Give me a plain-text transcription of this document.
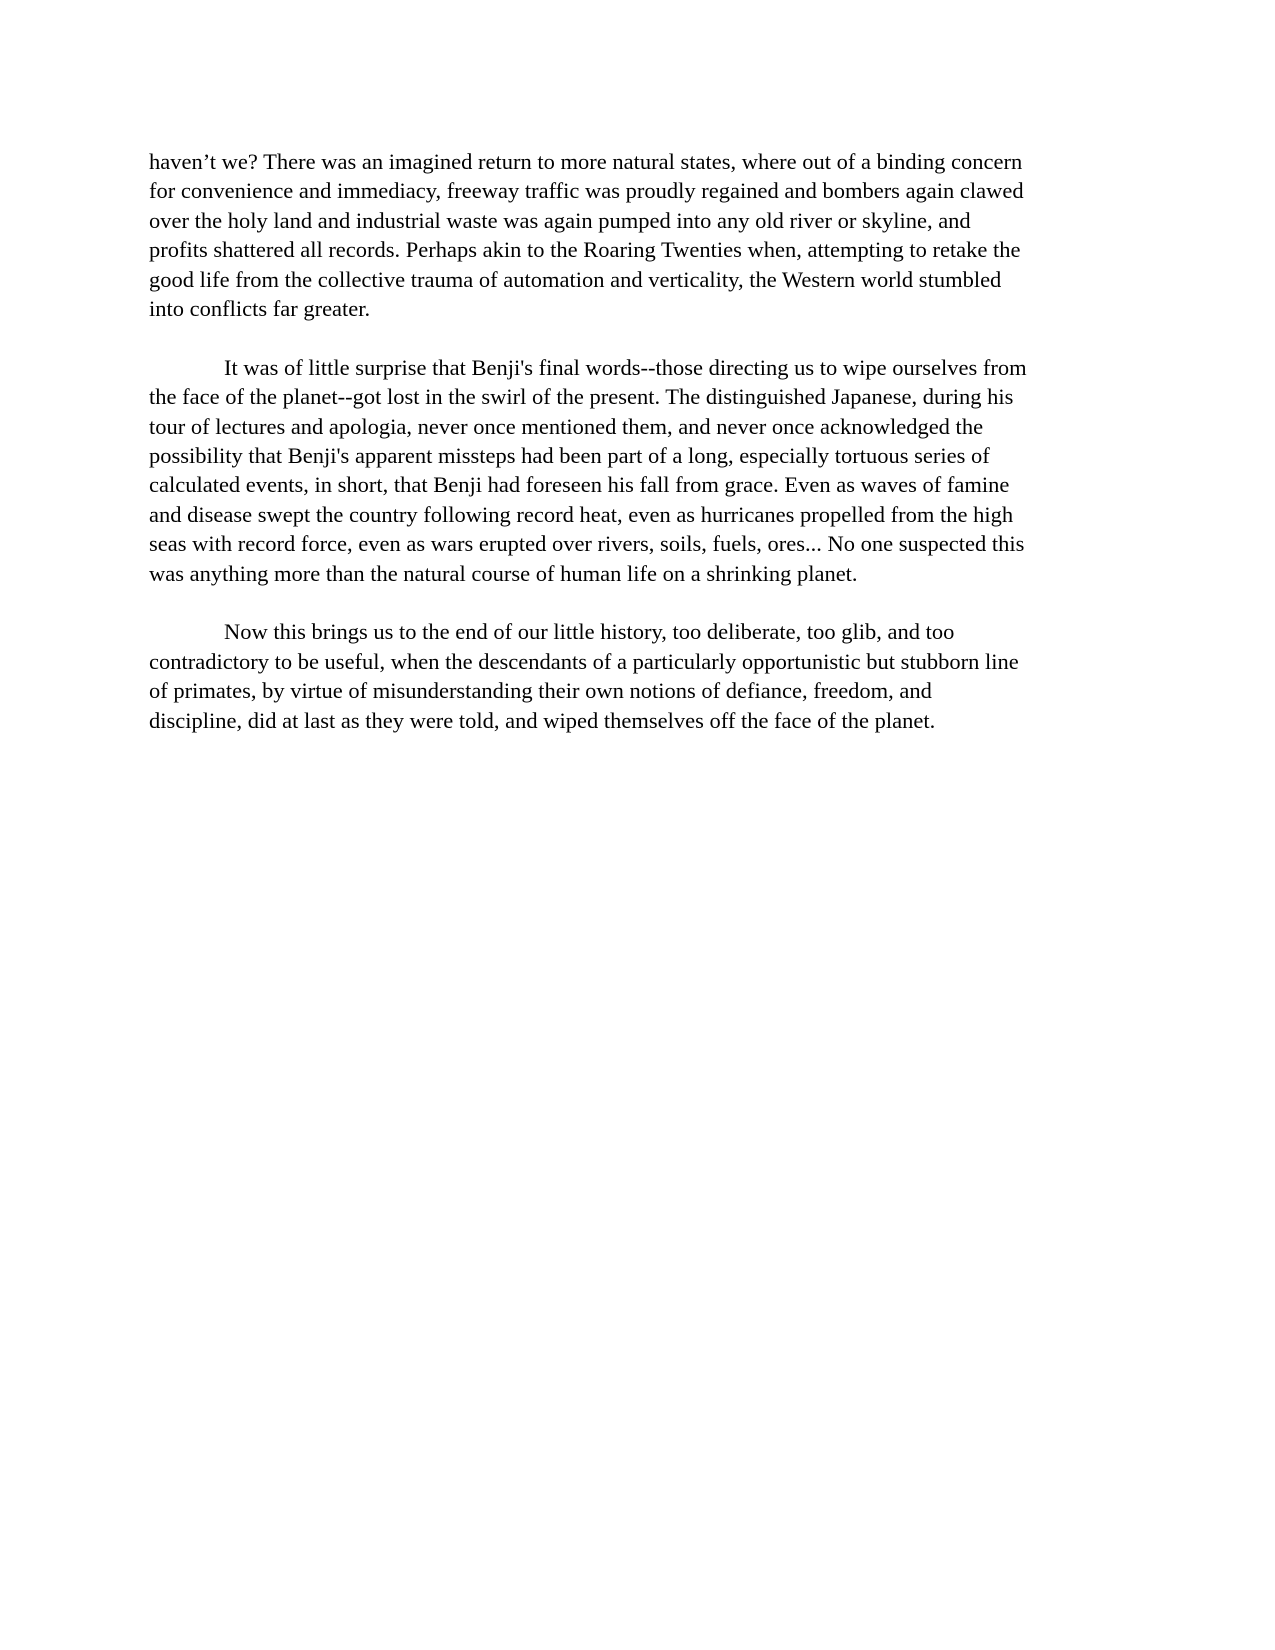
haven’t we? There was an imagined return to more natural states, where out of a binding concern
for convenience and immediacy, freeway traffic was proudly regained and bombers again clawed
over the holy land and industrial waste was again pumped into any old river or skyline, and
profits shattered all records. Perhaps akin to the Roaring Twenties when, attempting to retake the
good life from the collective trauma of automation and verticality, the Western world stumbled
into conflicts far greater.

It was of little surprise that Benji's final words--those directing us to wipe ourselves from
the face of the planet--got lost in the swirl of the present. The distinguished Japanese, during his
tour of lectures and apologia, never once mentioned them, and never once acknowledged the
possibility that Benji's apparent missteps had been part of a long, especially tortuous series of
calculated events, in short, that Benji had foreseen his fall from grace. Even as waves of famine
and disease swept the country following record heat, even as hurricanes propelled from the high
seas with record force, even as wars erupted over rivers, soils, fuels, ores... No one suspected this
was anything more than the natural course of human life on a shrinking planet.

Now this brings us to the end of our little history, too deliberate, too glib, and too
contradictory to be useful, when the descendants of a particularly opportunistic but stubborn line
of primates, by virtue of misunderstanding their own notions of defiance, freedom, and
discipline, did at last as they were told, and wiped themselves off the face of the planet.
